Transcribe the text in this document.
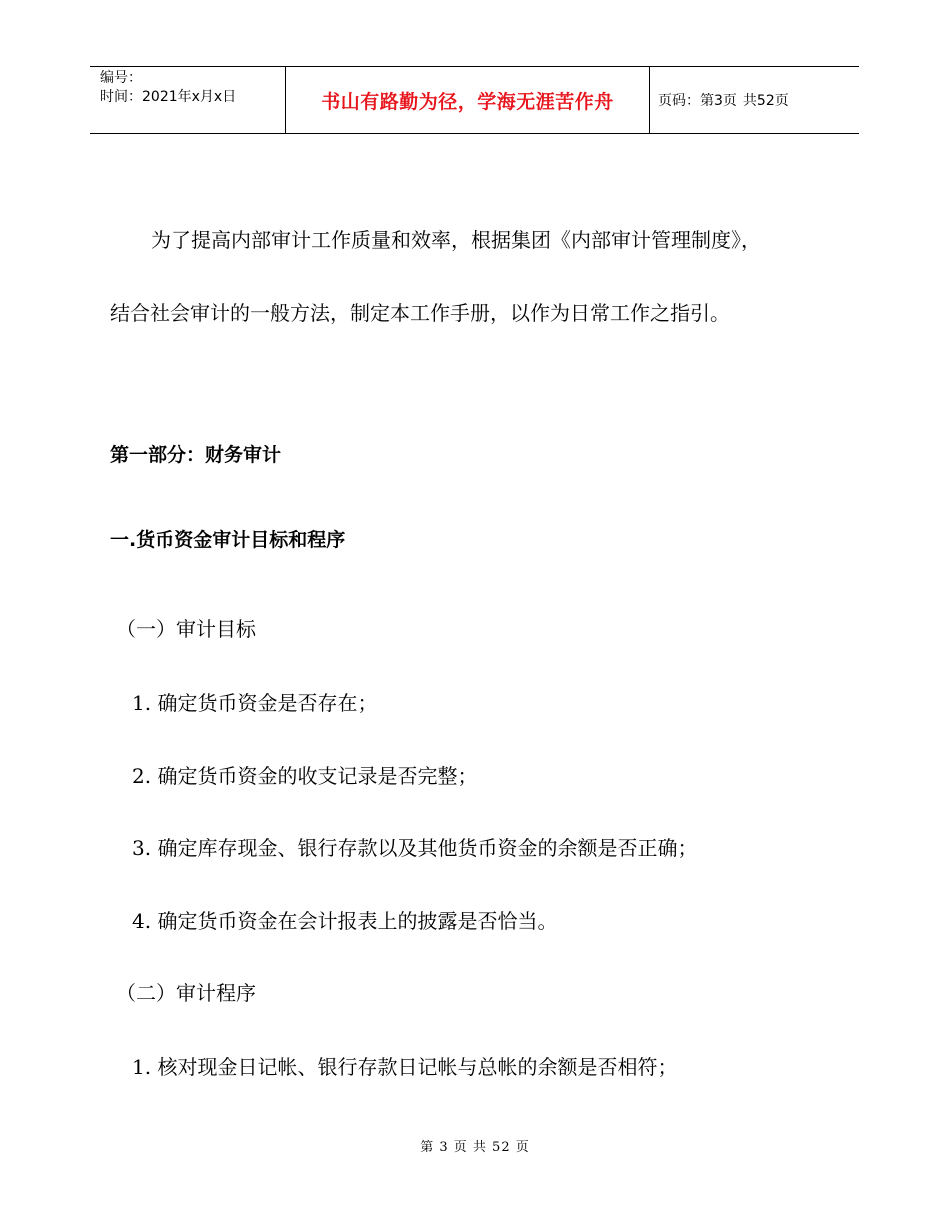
编号：
时间：2021年x月x日	书山有路勤为径，学海无涯苦作舟	页码：第3页 共52页
为了提高内部审计工作质量和效率，根据集团《内部审计管理制度》，
结合社会审计的一般方法，制定本工作手册，以作为日常工作之指引。
第一部分：财务审计
一.货币资金审计目标和程序
（一）审计目标
1. 确定货币资金是否存在；
2. 确定货币资金的收支记录是否完整；
3. 确定库存现金、银行存款以及其他货币资金的余额是否正确；
4. 确定货币资金在会计报表上的披露是否恰当。
（二）审计程序
1. 核对现金日记帐、银行存款日记帐与总帐的余额是否相符；
第 3 页 共 52 页
